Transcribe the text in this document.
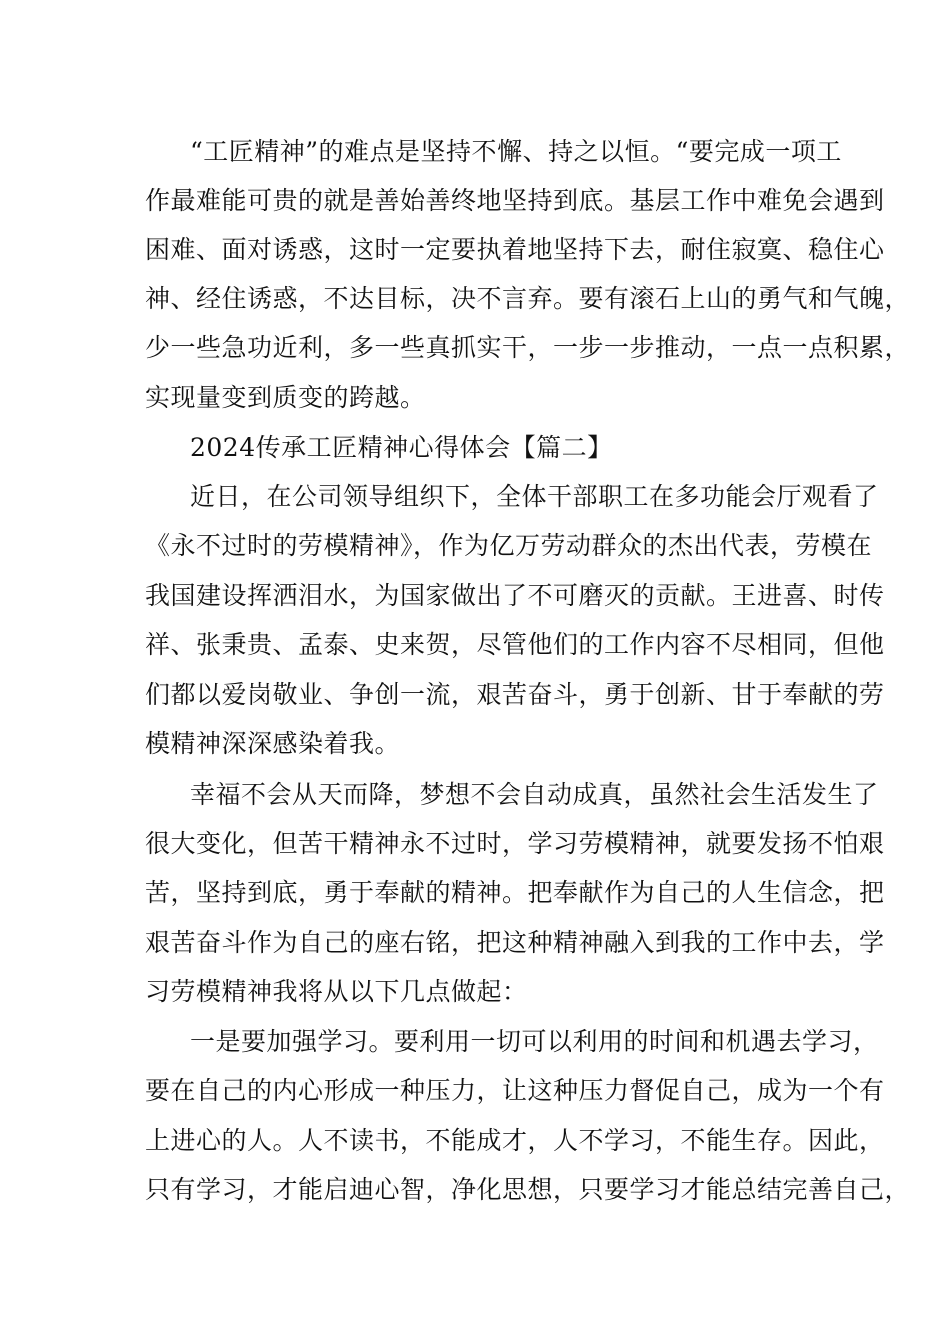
“工匠精神”的难点是坚持不懈、持之以恒。“要完成一项工
作最难能可贵的就是善始善终地坚持到底。基层工作中难免会遇到
困难、面对诱惑，这时一定要执着地坚持下去，耐住寂寞、稳住心
神、经住诱惑，不达目标，决不言弃。要有滚石上山的勇气和气魄，
少一些急功近利，多一些真抓实干，一步一步推动，一点一点积累，
实现量变到质变的跨越。
2024传承工匠精神心得体会【篇二】
近日，在公司领导组织下，全体干部职工在多功能会厅观看了
《永不过时的劳模精神》，作为亿万劳动群众的杰出代表，劳模在
我国建设挥洒泪水，为国家做出了不可磨灭的贡献。王进喜、时传
祥、张秉贵、孟泰、史来贺，尽管他们的工作内容不尽相同，但他
们都以爱岗敬业、争创一流，艰苦奋斗，勇于创新、甘于奉献的劳
模精神深深感染着我。
幸福不会从天而降，梦想不会自动成真，虽然社会生活发生了
很大变化，但苦干精神永不过时，学习劳模精神，就要发扬不怕艰
苦，坚持到底，勇于奉献的精神。把奉献作为自己的人生信念，把
艰苦奋斗作为自己的座右铭，把这种精神融入到我的工作中去，学
习劳模精神我将从以下几点做起：
一是要加强学习。要利用一切可以利用的时间和机遇去学习，
要在自己的内心形成一种压力，让这种压力督促自己，成为一个有
上进心的人。人不读书，不能成才，人不学习，不能生存。因此，
只有学习，才能启迪心智，净化思想，只要学习才能总结完善自己，
